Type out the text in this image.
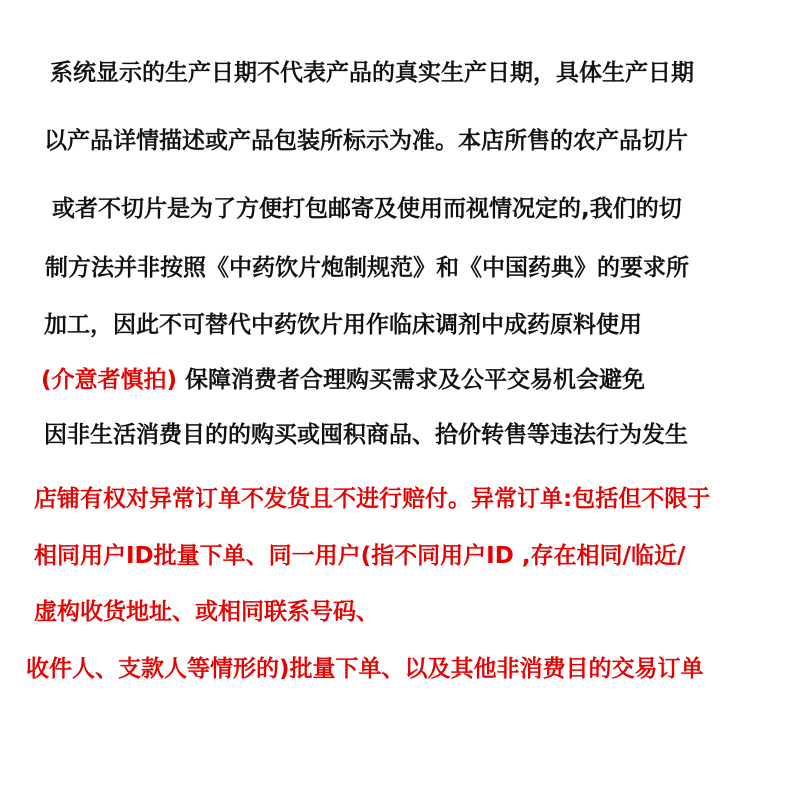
系统显示的生产日期不代表产品的真实生产日期，具体生产日期
以产品详情描述或产品包装所标示为准。本店所售的农产品切片
或者不切片是为了方便打包邮寄及使用而视情况定的,我们的切
制方法并非按照《中药饮片炮制规范》和《中国药典》的要求所
加工，因此不可替代中药饮片用作临床调剂中成药原料使用
(介意者慎拍) 保障消费者合理购买需求及公平交易机会避免
因非生活消费目的的购买或囤积商品、拾价转售等违法行为发生
店铺有权对异常订单不发货且不进行赔付。异常订单:包括但不限于
相同用户ID批量下单、同一用户(指不同用户ID ,存在相同/临近/
虚构收货地址、或相同联系号码、
收件人、支款人等情形的)批量下单、以及其他非消费目的交易订单
